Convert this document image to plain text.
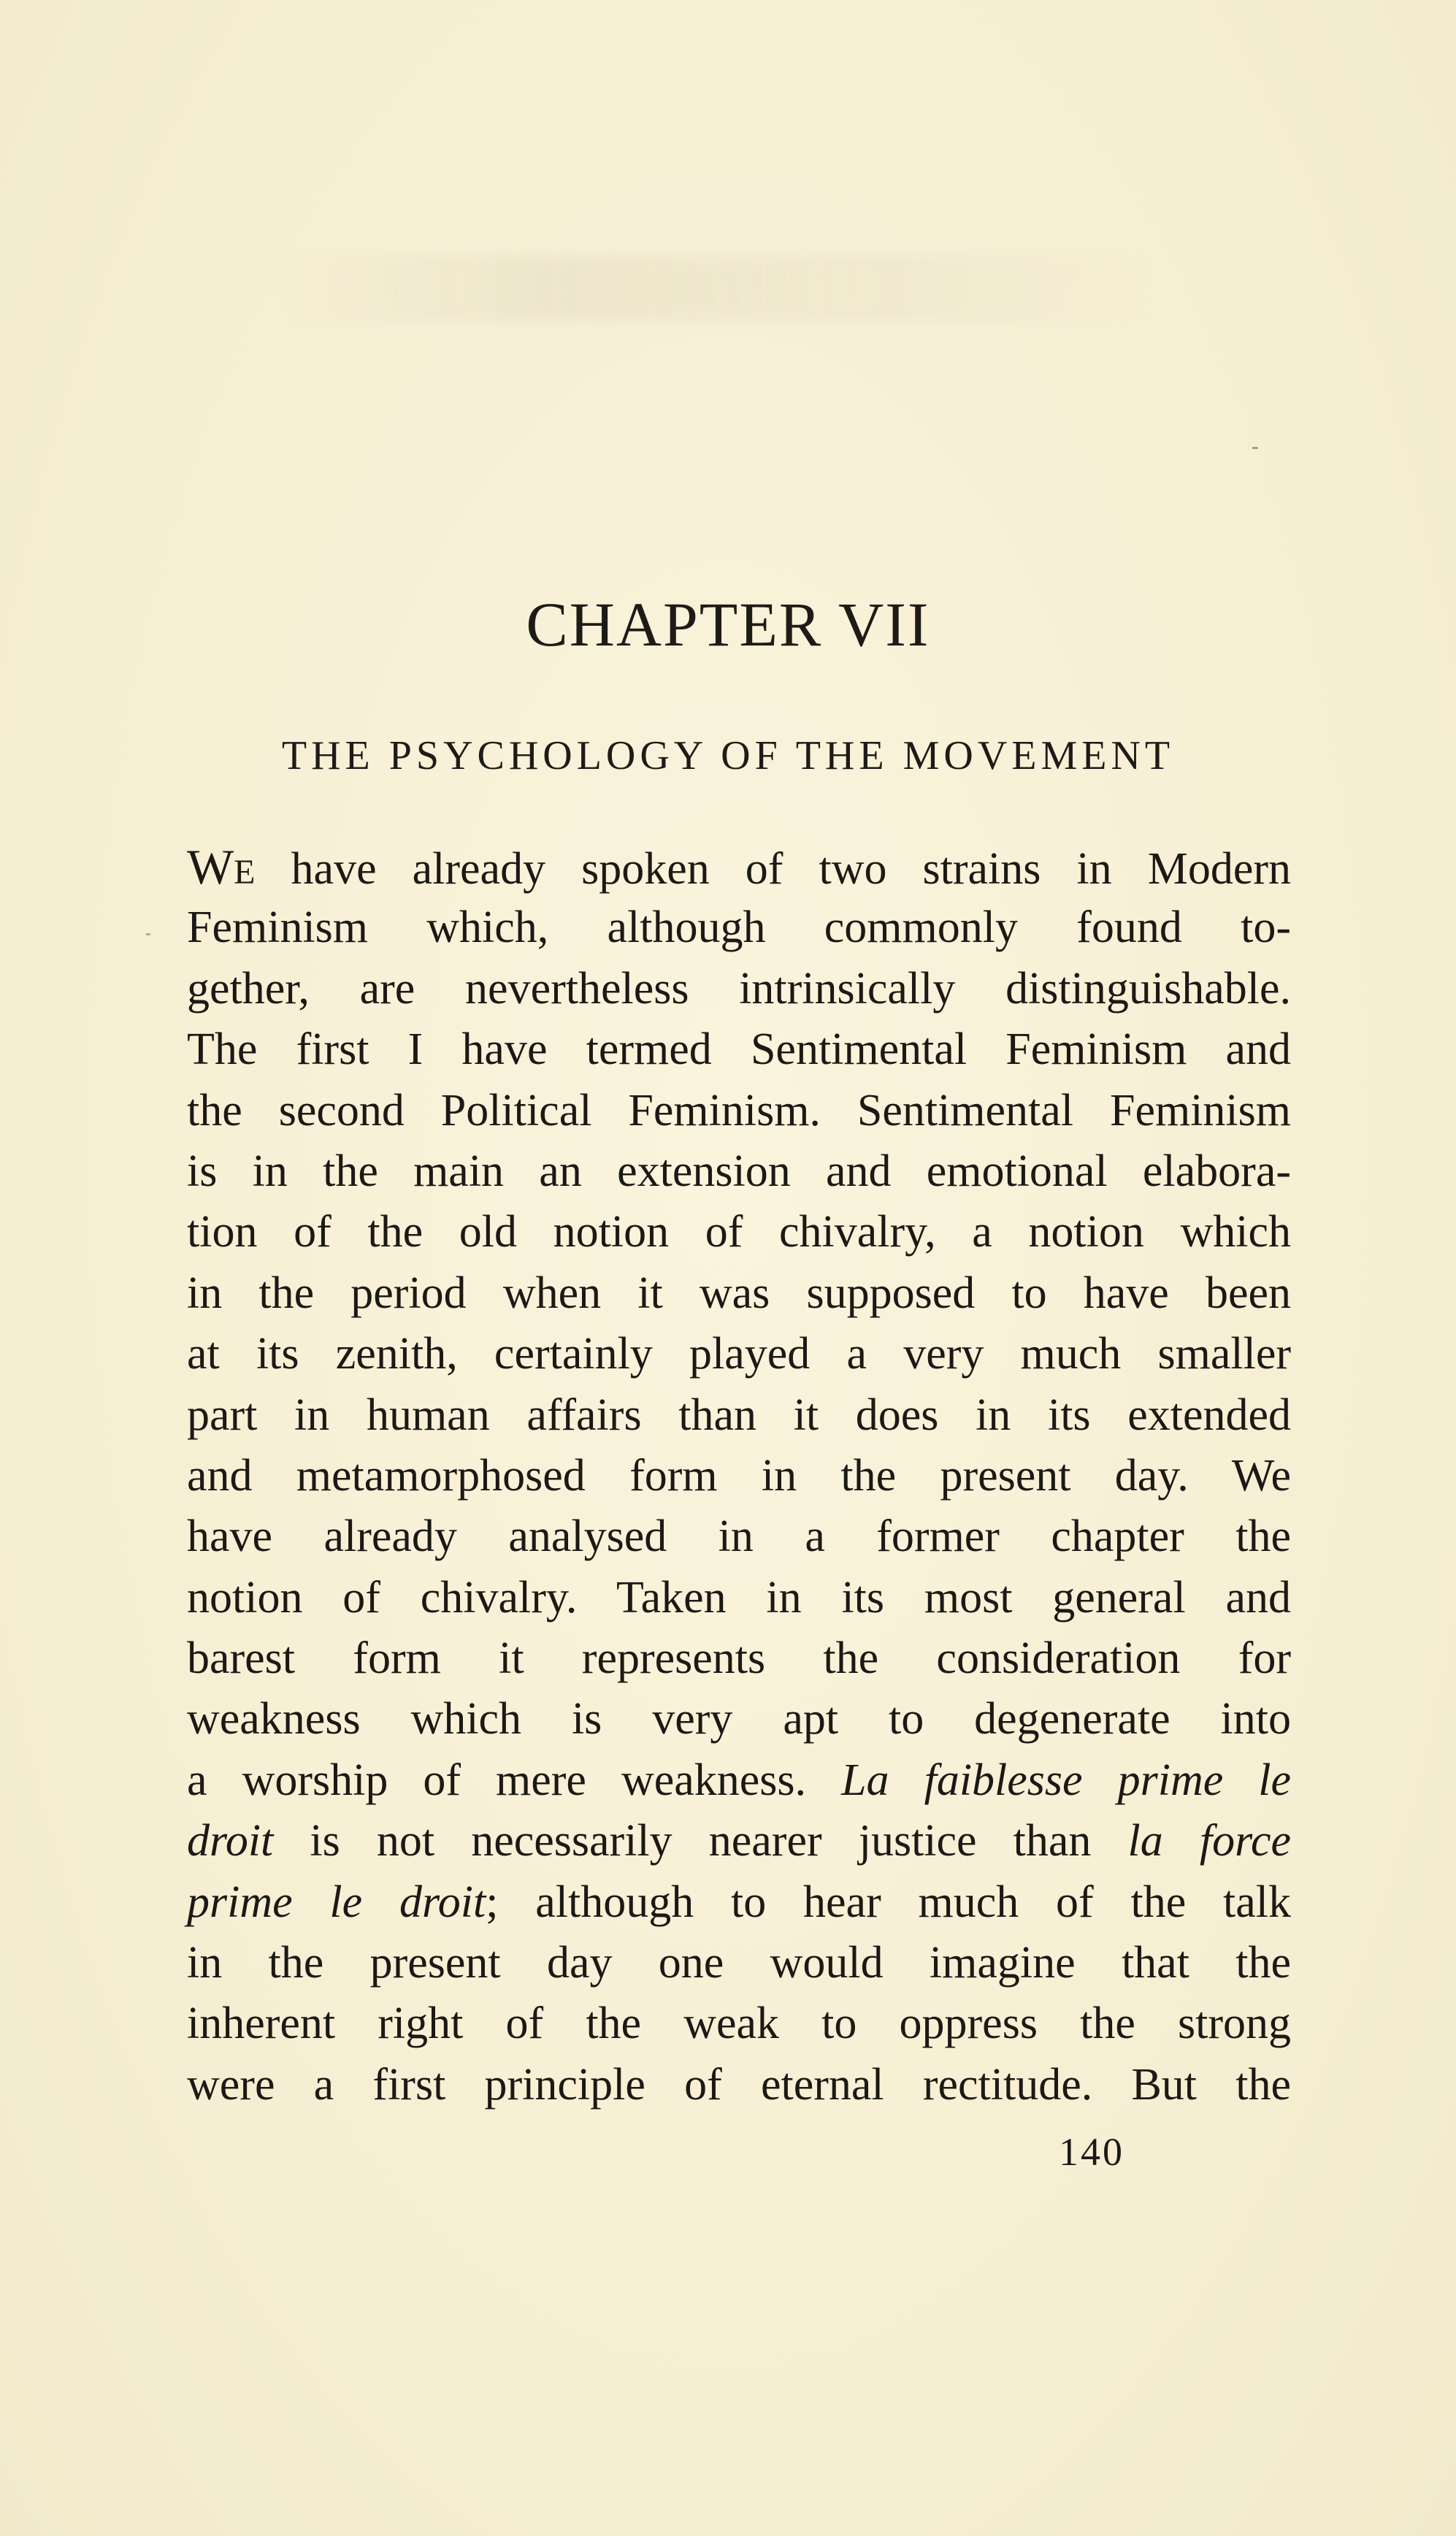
CHAPTER VII
THE PSYCHOLOGY OF THE MOVEMENT
We have already spoken of two strains in Modern
Feminism which, although commonly found to-
gether, are nevertheless intrinsically distinguishable.
The first I have termed Sentimental Feminism and
the second Political Feminism. Sentimental Feminism
is in the main an extension and emotional elabora-
tion of the old notion of chivalry, a notion which
in the period when it was supposed to have been
at its zenith, certainly played a very much smaller
part in human affairs than it does in its extended
and metamorphosed form in the present day. We
have already analysed in a former chapter the
notion of chivalry. Taken in its most general and
barest form it represents the consideration for
weakness which is very apt to degenerate into
a worship of mere weakness. La faiblesse prime le
droit is not necessarily nearer justice than la force
prime le droit; although to hear much of the talk
in the present day one would imagine that the
inherent right of the weak to oppress the strong
were a first principle of eternal rectitude. But the
140
